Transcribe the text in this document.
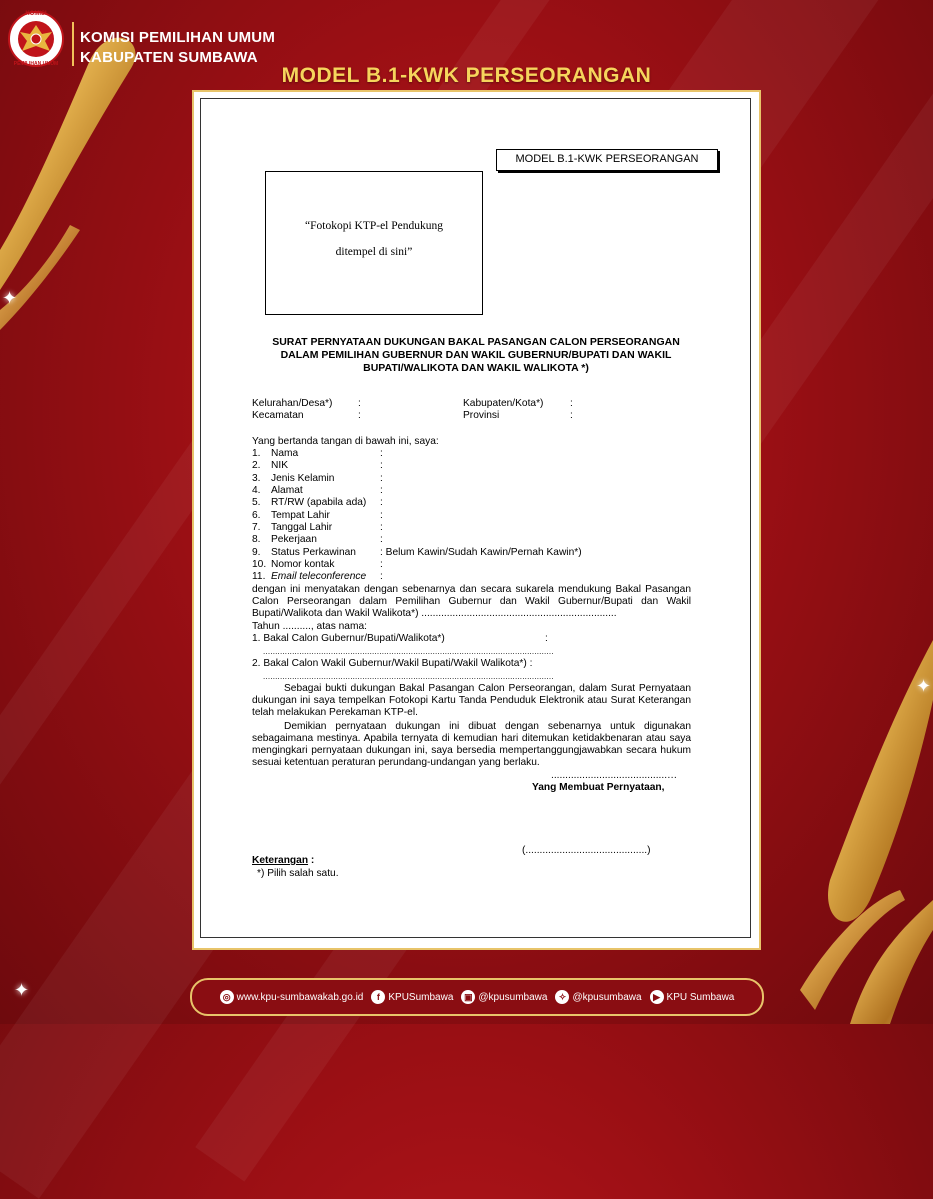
✦
✦
✦
KOMISI
PEMILIHAN UMUM
KOMISI PEMILIHAN UMUM
KABUPATEN SUMBAWA
MODEL B.1-KWK PERSEORANGAN
MODEL B.1-KWK PERSEORANGAN
“Fotokopi KTP-el Pendukung
ditempel di sini”
SURAT PERNYATAAN DUKUNGAN BAKAL PASANGAN CALON PERSEORANGAN
DALAM PEMILIHAN GUBERNUR DAN WAKIL GUBERNUR/BUPATI DAN WAKIL
BUPATI/WALIKOTA DAN WAKIL WALIKOTA *)
Kelurahan/Desa*)	:
Kecamatan	:
Kabupaten/Kota*)	:
Provinsi	:
Yang bertanda tangan di bawah ini, saya:
1. Nama	:
2. NIK	:
3. Jenis Kelamin	:
4. Alamat	:
5. RT/RW (apabila ada) :
6. Tempat Lahir	:
7. Tanggal Lahir	:
8. Pekerjaan	:
9. Status Perkawinan : Belum Kawin/Sudah Kawin/Pernah Kawin*)
10. Nomor kontak	:
11. Email teleconference :
dengan ini menyatakan dengan sebenarnya dan secara sukarela mendukung Bakal Pasangan Calon Perseorangan dalam Pemilihan Gubernur dan Wakil Gubernur/Bupati dan Wakil Bupati/Walikota dan Wakil Walikota*) .....................................................................
Tahun .........., atas nama:
1. Bakal Calon Gubernur/Bupati/Walikota*)	:
........................................................................................................................
2. Bakal Calon Wakil Gubernur/Wakil Bupati/Wakil Walikota*) :
........................................................................................................................
Sebagai bukti dukungan Bakal Pasangan Calon Perseorangan, dalam Surat Pernyataan dukungan ini saya tempelkan Fotokopi Kartu Tanda Penduduk Elektronik atau Surat Keterangan telah melakukan Perekaman KTP-el.
Demikian pernyataan dukungan ini dibuat dengan sebenarnya untuk digunakan sebagaimana mestinya. Apabila ternyata di kemudian hari ditemukan ketidakbenaran atau saya mengingkari pernyataan dukungan ini, saya bersedia mempertanggungjawabkan secara hukum sesuai ketentuan peraturan perundang-undangan yang berlaku.
.........................................…
Yang Membuat Pernyataan,
(...........................................)
Keterangan :
*) Pilih salah satu.
◎ www.kpu-sumbawakab.go.id	f KPUSumbawa	▣ @kpusumbawa	✧ @kpusumbawa	▶ KPU Sumbawa
